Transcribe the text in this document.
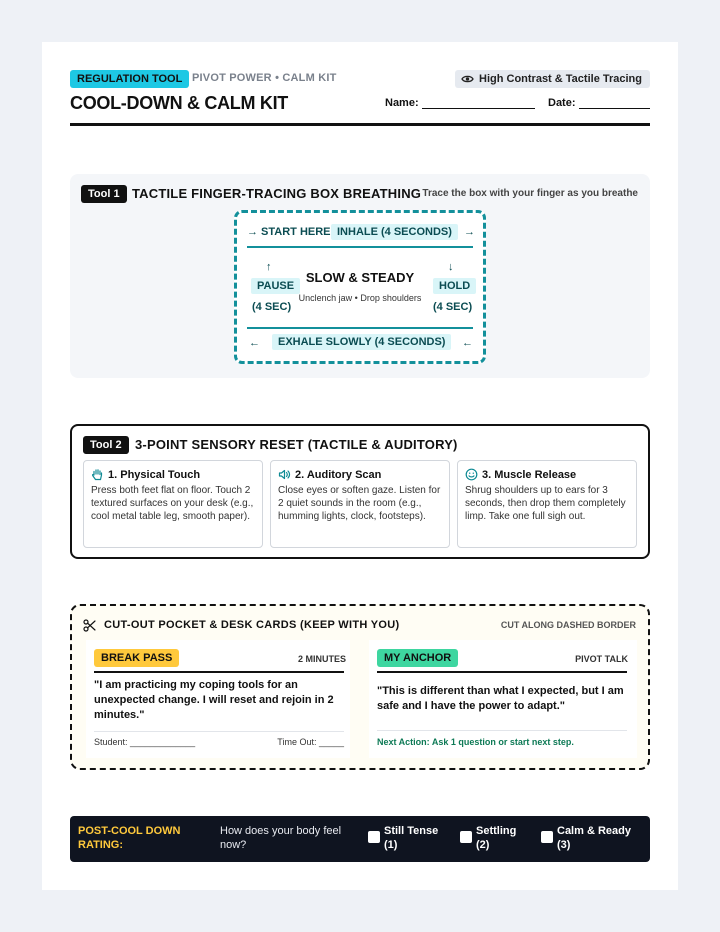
REGULATION TOOL PIVOT POWER • CALM KIT	High Contrast & Tactile Tracing
COOL-DOWN & CALM KIT	Name:	Date:
Tool 1 TACTILE FINGER-TRACING BOX BREATHING Trace the box with your finger as you breathe
→ START HERE INHALE (4 SECONDS)	→
↑
PAUSE
(4 SEC)
SLOW & STEADY
Unclench jaw • Drop shoulders
↓
HOLD
(4 SEC)
←	EXHALE SLOWLY (4 SECONDS)	←
Tool 2	3-POINT SENSORY RESET (TACTILE & AUDITORY)
1. Physical Touch
Press both feet flat on floor. Touch 2 textured surfaces on your desk (e.g., cool metal table leg, smooth paper).
2. Auditory Scan
Close eyes or soften gaze. Listen for 2 quiet sounds in the room (e.g., humming lights, clock, footsteps).
3. Muscle Release
Shrug shoulders up to ears for 3 seconds, then drop them completely limp. Take one full sigh out.
CUT-OUT POCKET & DESK CARDS (KEEP WITH YOU)	CUT ALONG DASHED BORDER
BREAK PASS	2 MINUTES
"I am practicing my coping tools for an unexpected change. I will reset and rejoin in 2 minutes."
Student: _____________	Time Out: _____
MY ANCHOR	PIVOT TALK
"This is different than what I expected, but I am safe and I have the power to adapt."
Next Action: Ask 1 question or start next step.
POST-COOL DOWN RATING:
How does your body feel now?
Still Tense
(1)
Settling
(2)
Calm & Ready
(3)
